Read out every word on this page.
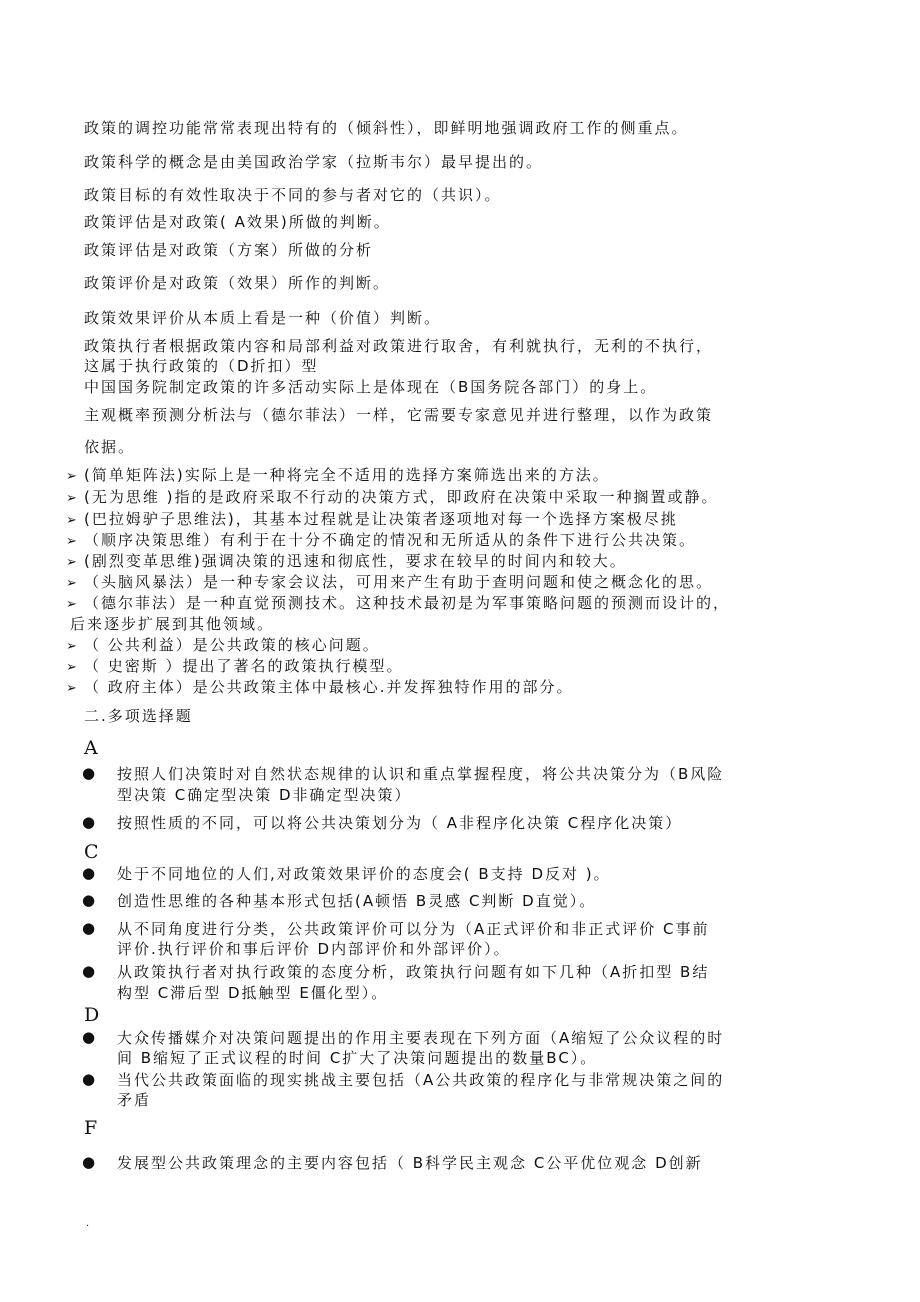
政策的调控功能常常表现出特有的（倾斜性），即鲜明地强调政府工作的侧重点。
政策科学的概念是由美国政治学家（拉斯韦尔）最早提出的。
政策目标的有效性取决于不同的参与者对它的（共识）。
政策评估是对政策( A效果)所做的判断。
政策评估是对政策（方案）所做的分析
政策评价是对政策（效果）所作的判断。
政策效果评价从本质上看是一种（价值）判断。
政策执行者根据政策内容和局部利益对政策进行取舍，有利就执行，无利的不执行，
这属于执行政策的（D折扣）型
中国国务院制定政策的许多活动实际上是体现在（B国务院各部门）的身上。
主观概率预测分析法与（德尔菲法）一样，它需要专家意见并进行整理，以作为政策
依据。
➢ (简单矩阵法)实际上是一种将完全不适用的选择方案筛选出来的方法。
➢ (无为思维 )指的是政府采取不行动的决策方式，即政府在决策中采取一种搁置或静。
➢ (巴拉姆驴子思维法)，其基本过程就是让决策者逐项地对每一个选择方案极尽挑
➢ （顺序决策思维）有利于在十分不确定的情况和无所适从的条件下进行公共决策。
➢ (剧烈变革思维)强调决策的迅速和彻底性，要求在较早的时间内和较大。
➢ （头脑风暴法）是一种专家会议法，可用来产生有助于查明问题和使之概念化的思。
➢ （德尔菲法）是一种直觉预测技术。这种技术最初是为军事策略问题的预测而设计的，
后来逐步扩展到其他领域。
➢ （ 公共利益）是公共政策的核心问题。
➢ （ 史密斯 ）提出了著名的政策执行模型。
➢ （ 政府主体）是公共政策主体中最核心.并发挥独特作用的部分。
二.多项选择题
A
● 按照人们决策时对自然状态规律的认识和重点掌握程度，将公共决策分为（B风险
型决策 C确定型决策 D非确定型决策）
● 按照性质的不同，可以将公共决策划分为（ A非程序化决策 C程序化决策）
C
● 处于不同地位的人们,对政策效果评价的态度会( B支持 D反对 )。
● 创造性思维的各种基本形式包括(A顿悟 B灵感 C判断 D直觉）。
● 从不同角度进行分类，公共政策评价可以分为（A正式评价和非正式评价 C事前
评价.执行评价和事后评价 D内部评价和外部评价）。
● 从政策执行者对执行政策的态度分析，政策执行问题有如下几种（A折扣型 B结
构型 C滞后型 D抵触型 E僵化型）。
D
● 大众传播媒介对决策问题提出的作用主要表现在下列方面（A缩短了公众议程的时
间 B缩短了正式议程的时间 C扩大了决策问题提出的数量BC）。
● 当代公共政策面临的现实挑战主要包括（A公共政策的程序化与非常规决策之间的
矛盾
F
● 发展型公共政策理念的主要内容包括（ B科学民主观念 C公平优位观念 D创新
.
